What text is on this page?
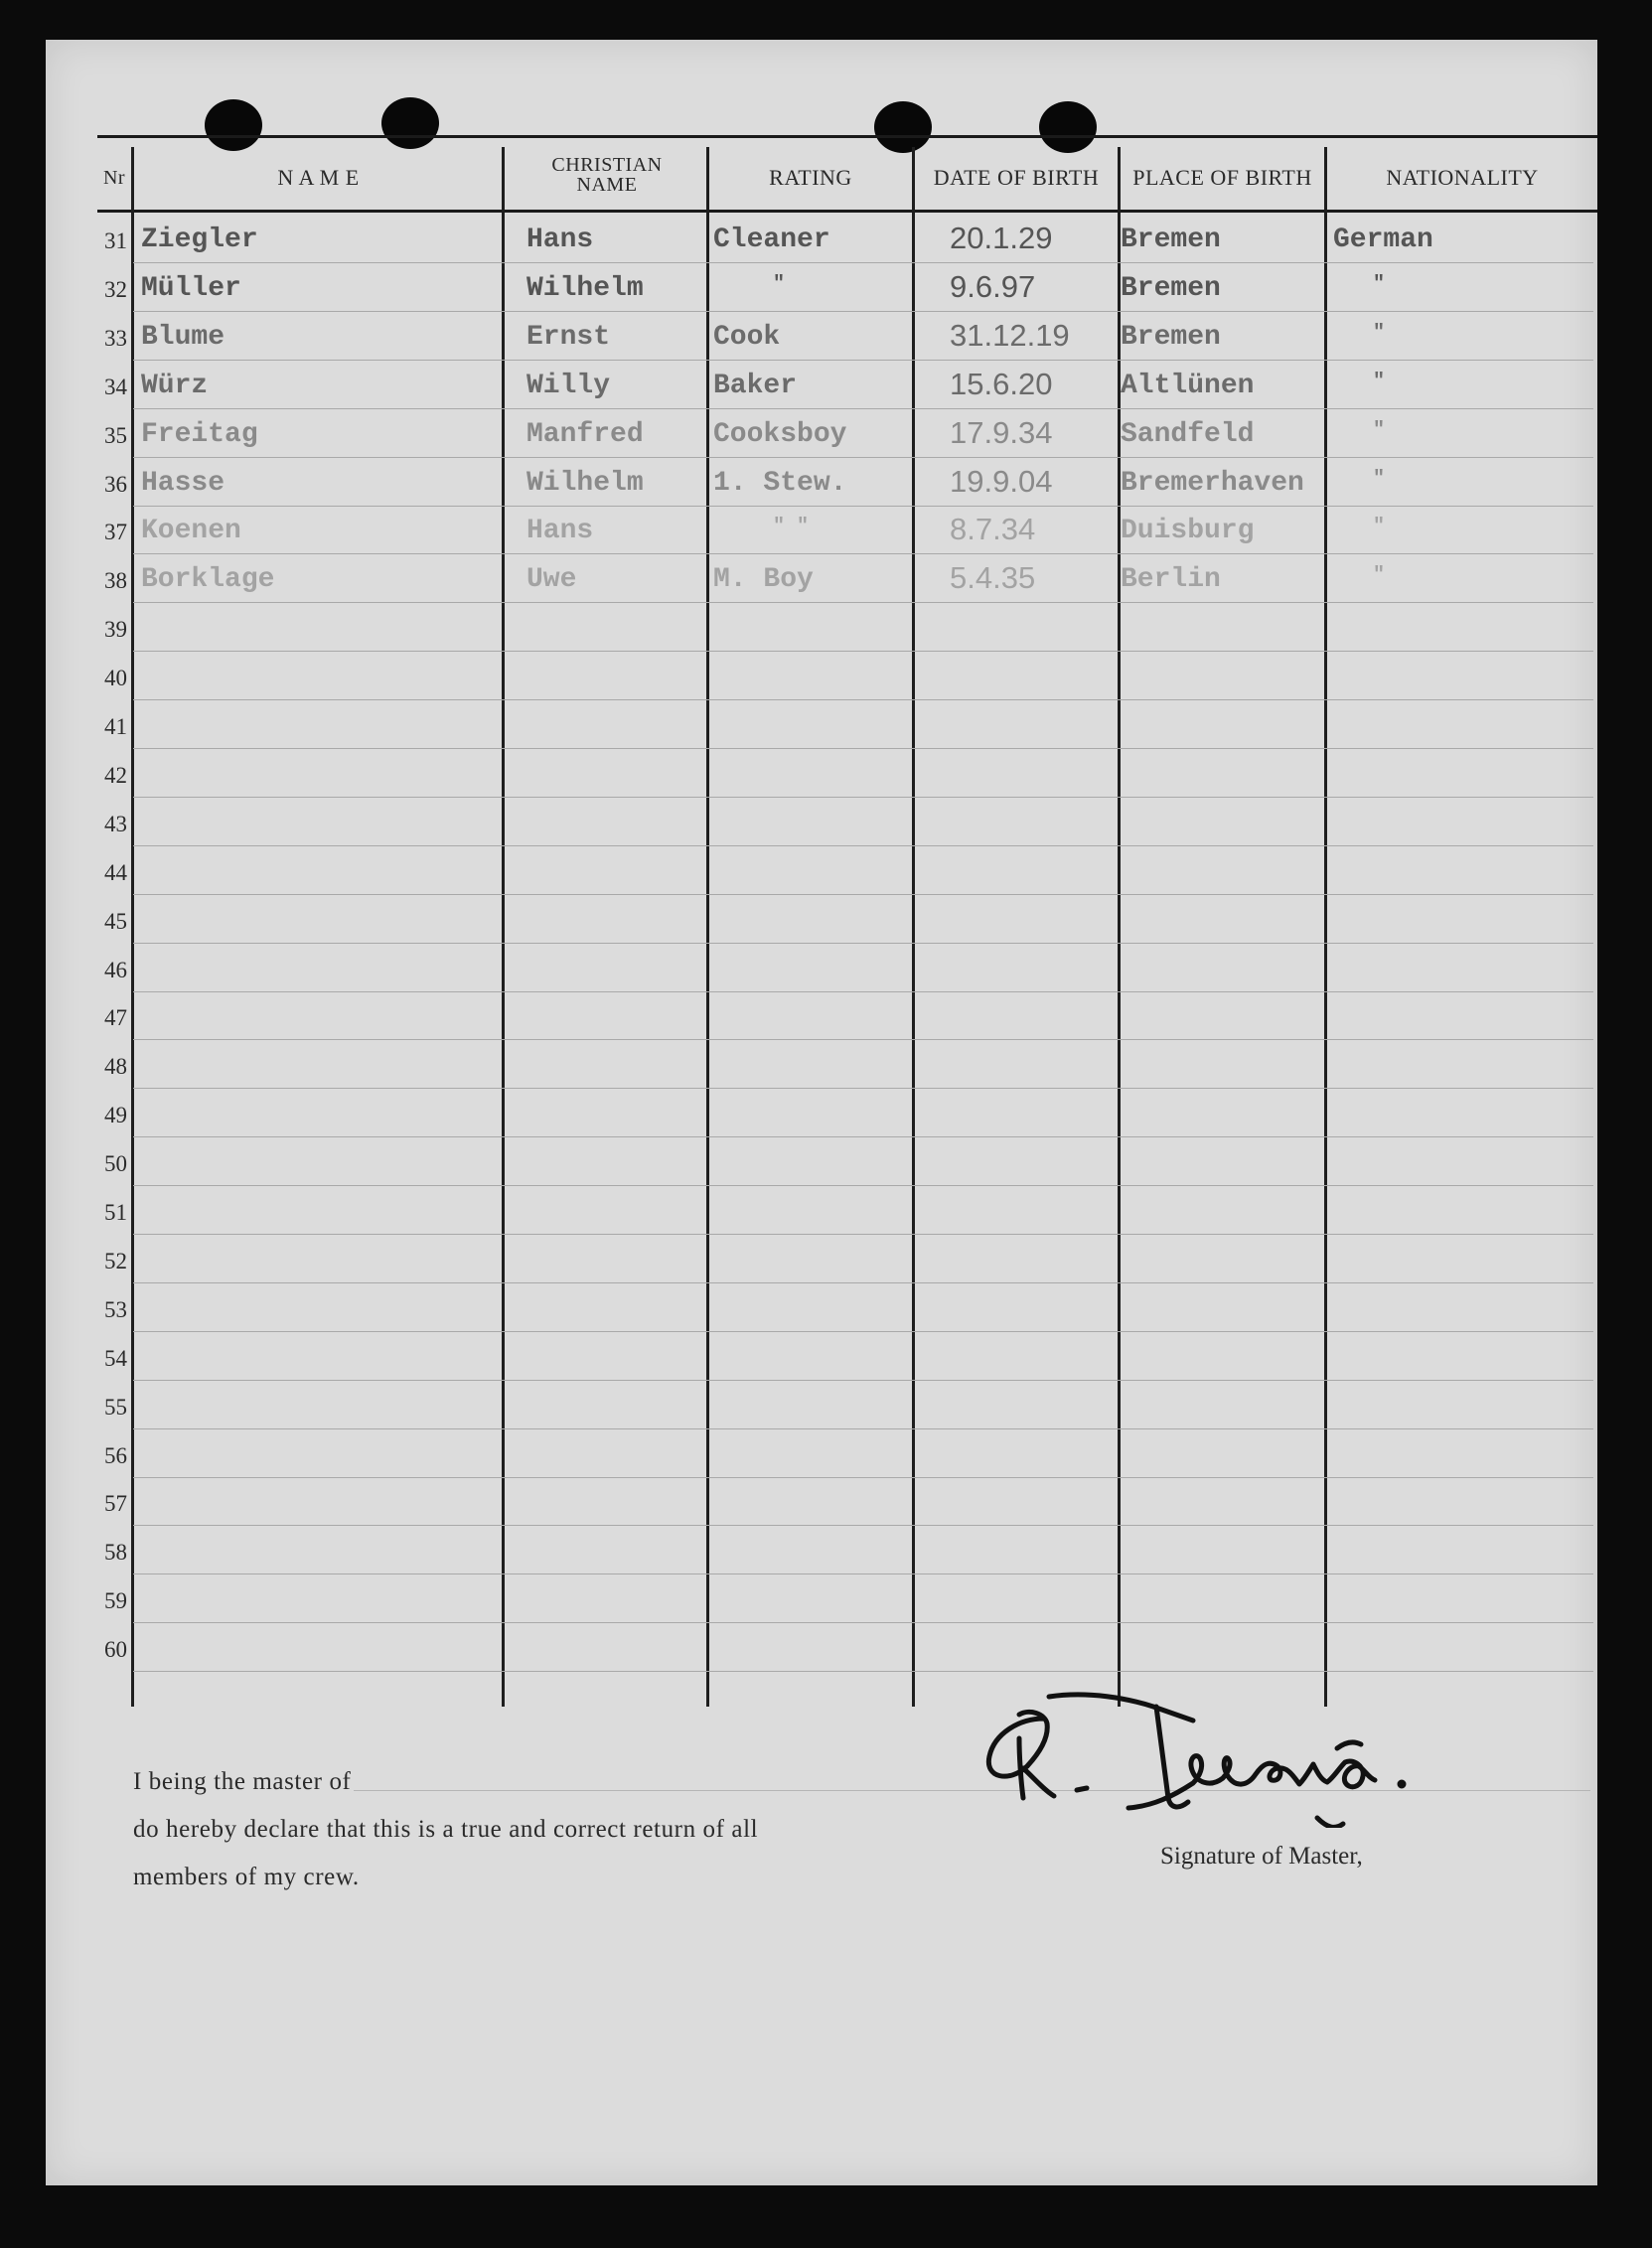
Nr	N A M E	CHRISTIAN NAME	RATING	DATE OF BIRTH	PLACE OF BIRTH	NATIONALITY
31 Ziegler	Hans	Cleaner	20.1.29 Bremen	German
32 Müller	Wilhelm	"	9.6.97	Bremen	"
33 Blume	Ernst	Cook	31.12.19 Bremen	"
34 Würz	Willy	Baker	15.6.20 Altlünen	"
35 Freitag	Manfred	Cooksboy	17.9.34 Sandfeld	"
36 Hasse	Wilhelm	1. Stew.	19.9.04 Bremerhaven	"
37 Koenen	Hans	" "	8.7.34	Duisburg	"
38 Borklage	Uwe	M. Boy	5.4.35	Berlin	"
39
40
41
42
43
44
45
46
47
48
49
50
51
52
53
54
55
56
57
58
59
60
I being the master of
do hereby declare that this is a true and correct return of all
members of my crew.
Signature of Master,
